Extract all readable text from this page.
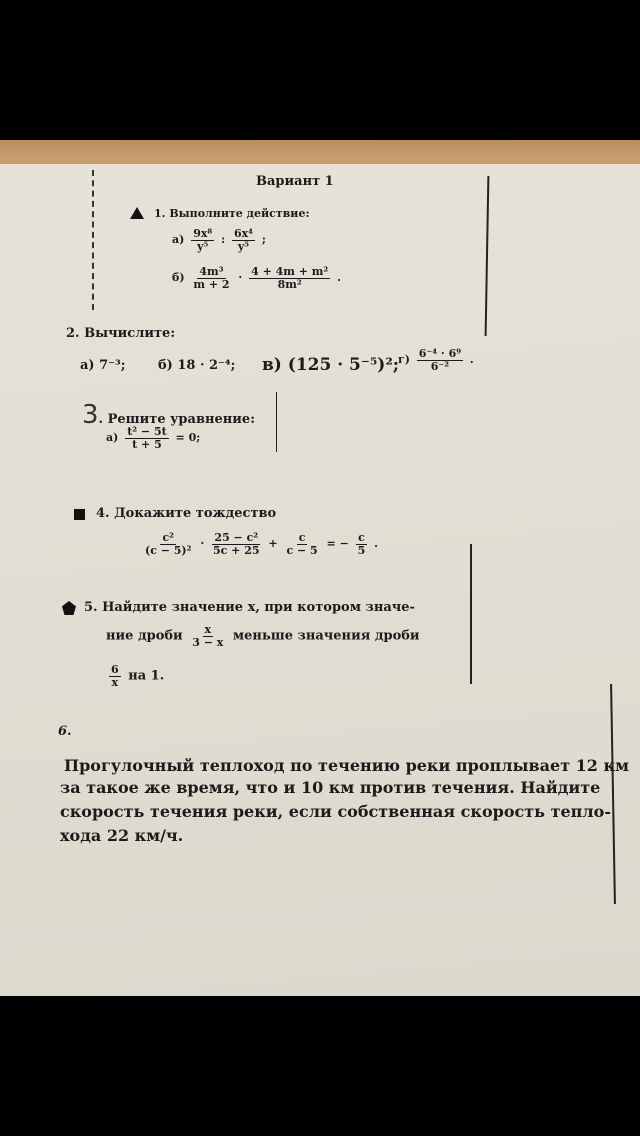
Вариант 1
1. Выполните действие:
$а) \frac{\text{9x⁸}}{\text{y⁵}}$ : $\frac{\text{6x⁴}}{\text{y⁵}}$ ;
$б) \frac{\text{4m³}}{m + 2} \cdot \frac{\text{4 + 4m + m²}}{\text{8m²}}$ .
2. Вычислите:
а) 7⁻³;	б) 18 · 2⁻⁴; в) (125 · 5⁻⁵)²;
$г) \frac{\text{6⁻⁴ · 6⁹}}{\text{6⁻²}}$ .
3. Решите уравнение:
$а) \frac{\text{t² − 5t}}{t + 5} = 0$;
4. Докажите тождество
$\frac{\text{c²}}{\text{(c − 5)²}} \cdot \frac{\text{25 − c²}}{5c + 25} + \frac{c}{c - 5}$ = − $\frac{c}{5}$ .
5. Найдите значение x, при котором значе-
ние дроби $\frac{x}{3 - x}$ меньше значения дроби
$\frac{6}{x}$ на 1.
6.
Прогулочный теплоход по течению реки проплывает 12 км
за такое же время, что и 10 км против течения. Найдите
скорость течения реки, если собственная скорость тепло-
хода 22 км/ч.
